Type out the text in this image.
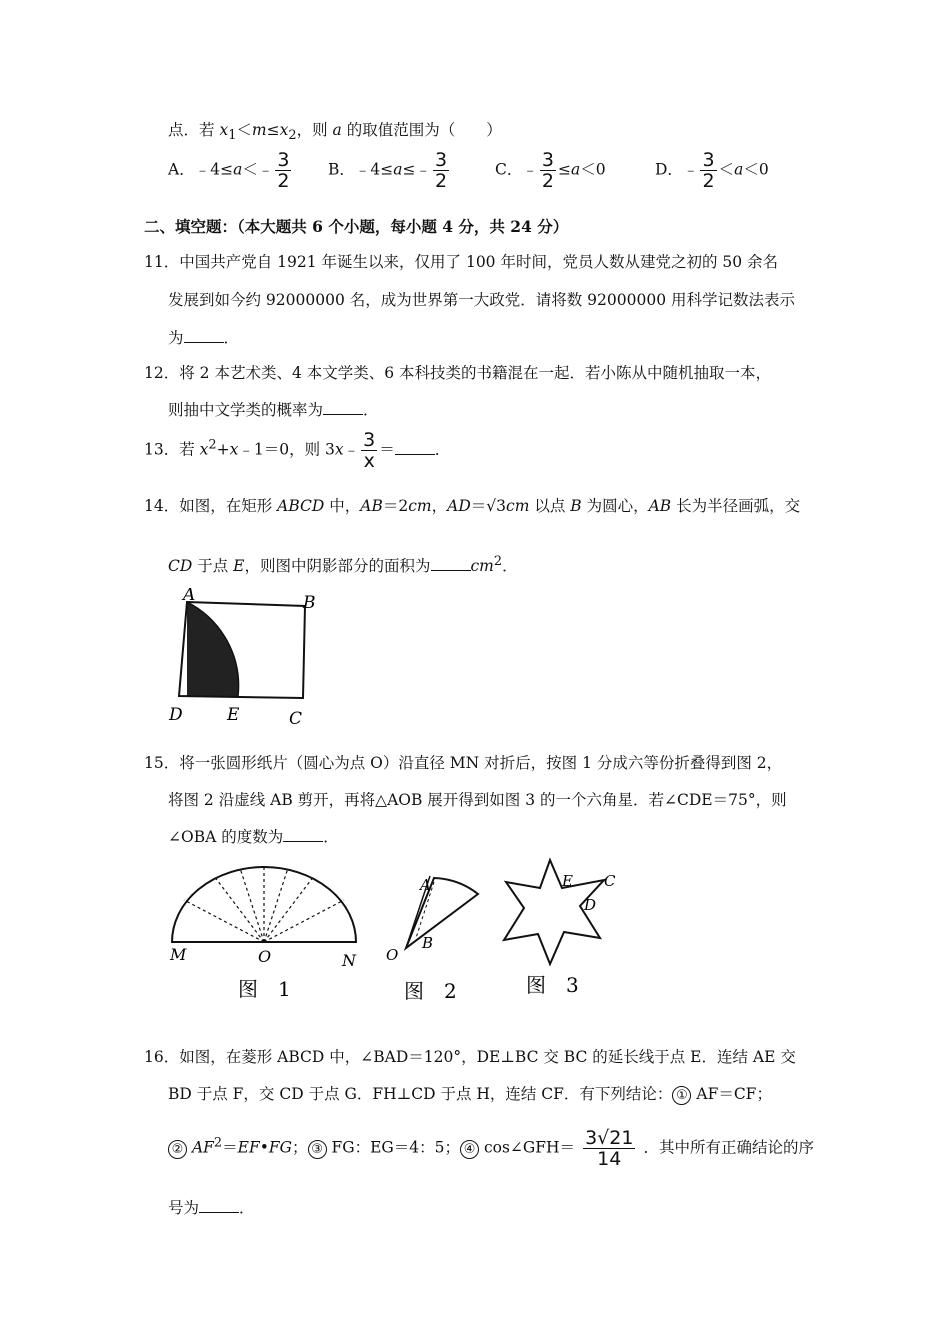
点．若 $x_1<m\le x_2$，则 a 的取值范围为（　　）
A．﹣4≤a＜﹣ $\frac{3}{2}$ B．﹣4≤a≤﹣ $\frac{3}{2}$	C．﹣ $\frac{3}{2} \le a<0$	D．﹣ $\frac{3}{2} <a<0$
二、填空题：（本大题共 6 个小题，每小题 4 分，共 24 分）
11．中国共产党自 1921 年诞生以来，仅用了 100 年时间，党员人数从建党之初的 50 余名
发展到如今约 92000000 名，成为世界第一大政党．请将数 92000000 用科学记数法表示
为	．
12．将 2 本艺术类、4 本文学类、6 本科技类的书籍混在一起．若小陈从中随机抽取一本，
则抽中文学类的概率为	．
13．若 $x^2+x﹣1=0$，则 3x﹣ $\frac{3}{x}$ ＝	．
14．如图，在矩形 ABCD 中，AB＝2cm，AD＝√3cm 以点 B 为圆心，AB 长为半径画弧，交
CD 于点 E，则图中阴影部分的面积为	$cm^2$．
A	B
D	E	C
15．将一张圆形纸片（圆心为点 O）沿直径 MN 对折后，按图 1 分成六等份折叠得到图 2，
将图 2 沿虚线 AB 剪开，再将△AOB 展开得到如图 3 的一个六角星．若∠CDE＝75°，则
∠OBA 的度数为	．
M	O	N
图　1
A
O
B
图　2
E C
D
图　3
16．如图，在菱形 ABCD 中，∠BAD＝120°，DE⊥BC 交 BC 的延长线于点 E．连结 AE 交
BD 于点 F，交 CD 于点 G．FH⊥CD 于点 H，连结 CF．有下列结论： ① AF＝CF；
② $AF^2=EF•FG$； ③ FG：EG＝4：5； ④ cos∠GFH＝ $\frac{3√21}{14}$ ．其中所有正确结论的序
号为	．
